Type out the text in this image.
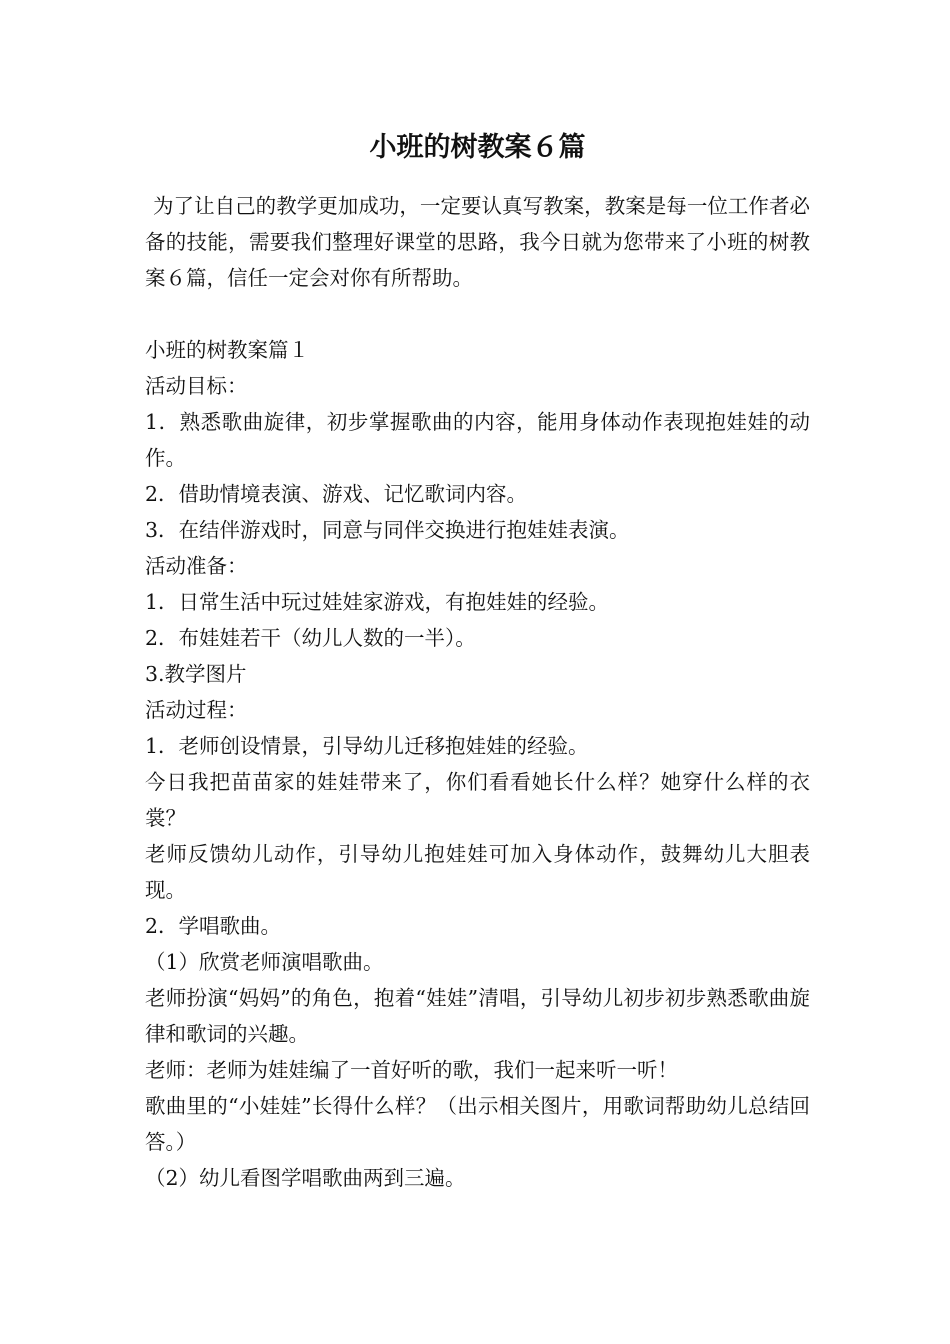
小班的树教案６篇

为了让自己的教学更加成功，一定要认真写教案，教案是每一位工作者必备的技能，需要我们整理好课堂的思路，我今日就为您带来了小班的树教案６篇，信任一定会对你有所帮助。

小班的树教案篇１

活动目标：

1．熟悉歌曲旋律，初步掌握歌曲的内容，能用身体动作表现抱娃娃的动作。

2．借助情境表演、游戏、记忆歌词内容。

3．在结伴游戏时，同意与同伴交换进行抱娃娃表演。

活动准备：

1．日常生活中玩过娃娃家游戏，有抱娃娃的经验。

2．布娃娃若干（幼儿人数的一半）。

3.教学图片

活动过程：

1．老师创设情景，引导幼儿迁移抱娃娃的经验。

今日我把苗苗家的娃娃带来了，你们看看她长什么样？她穿什么样的衣裳？

老师反馈幼儿动作，引导幼儿抱娃娃可加入身体动作，鼓舞幼儿大胆表现。

2．学唱歌曲。

（1）欣赏老师演唱歌曲。

老师扮演“妈妈”的角色，抱着“娃娃”清唱，引导幼儿初步初步熟悉歌曲旋律和歌词的兴趣。

老师：老师为娃娃编了一首好听的歌，我们一起来听一听！

歌曲里的“小娃娃”长得什么样？（出示相关图片，用歌词帮助幼儿总结回答。）

（2）幼儿看图学唱歌曲两到三遍。
